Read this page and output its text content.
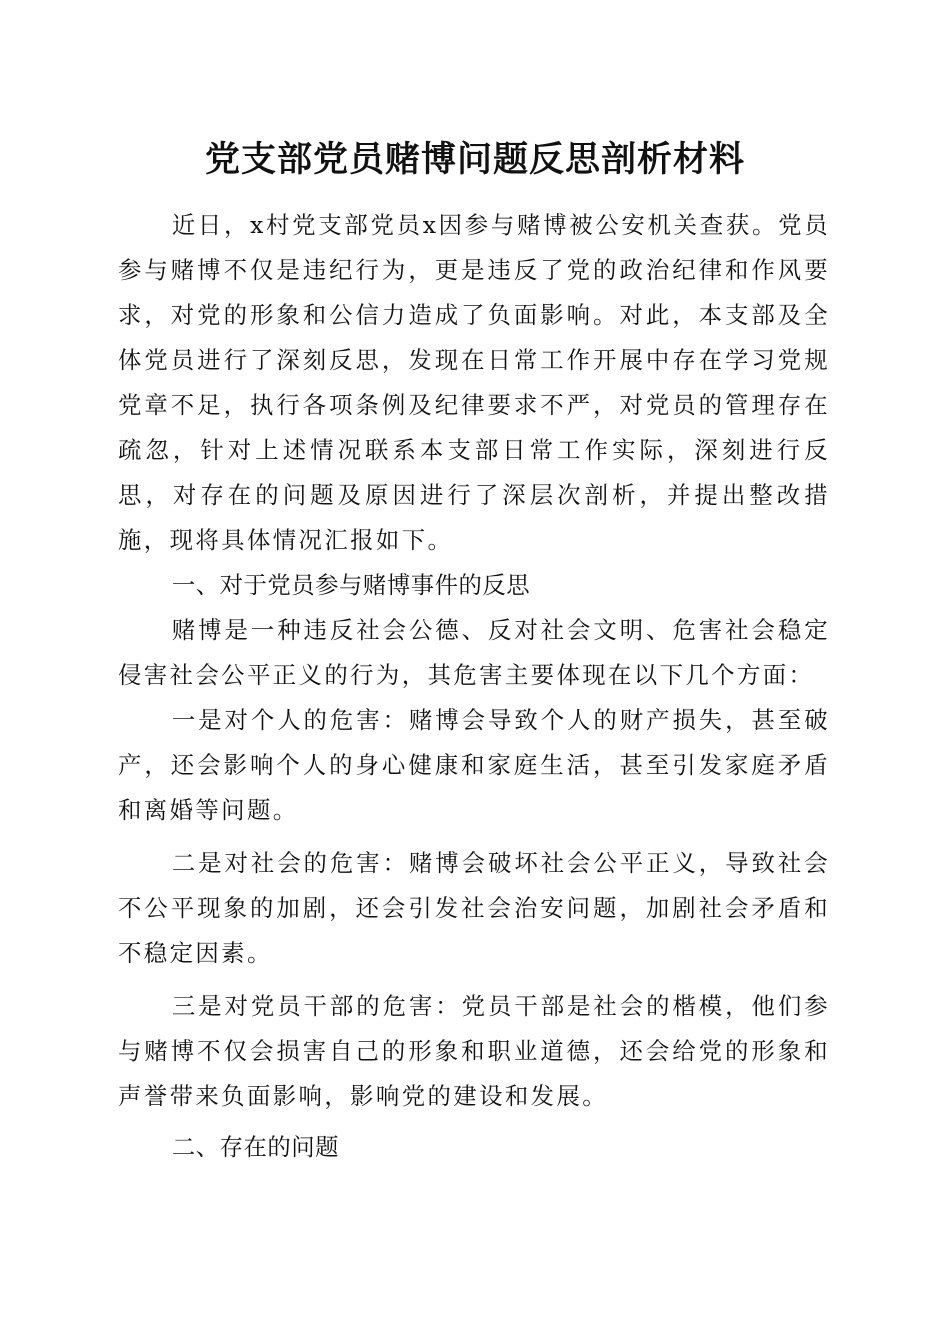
党支部党员赌博问题反思剖析材料

近日，x村党支部党员x因参与赌博被公安机关查获。党员参与赌博不仅是违纪行为，更是违反了党的政治纪律和作风要求，对党的形象和公信力造成了负面影响。对此，本支部及全体党员进行了深刻反思，发现在日常工作开展中存在学习党规党章不足，执行各项条例及纪律要求不严，对党员的管理存在疏忽，针对上述情况联系本支部日常工作实际，深刻进行反思，对存在的问题及原因进行了深层次剖析，并提出整改措施，现将具体情况汇报如下。

一、对于党员参与赌博事件的反思

赌博是一种违反社会公德、反对社会文明、危害社会稳定侵害社会公平正义的行为，其危害主要体现在以下几个方面：

一是对个人的危害：赌博会导致个人的财产损失，甚至破产，还会影响个人的身心健康和家庭生活，甚至引发家庭矛盾和离婚等问题。

二是对社会的危害：赌博会破坏社会公平正义，导致社会不公平现象的加剧，还会引发社会治安问题，加剧社会矛盾和不稳定因素。

三是对党员干部的危害：党员干部是社会的楷模，他们参与赌博不仅会损害自己的形象和职业道德，还会给党的形象和声誉带来负面影响，影响党的建设和发展。

二、存在的问题
